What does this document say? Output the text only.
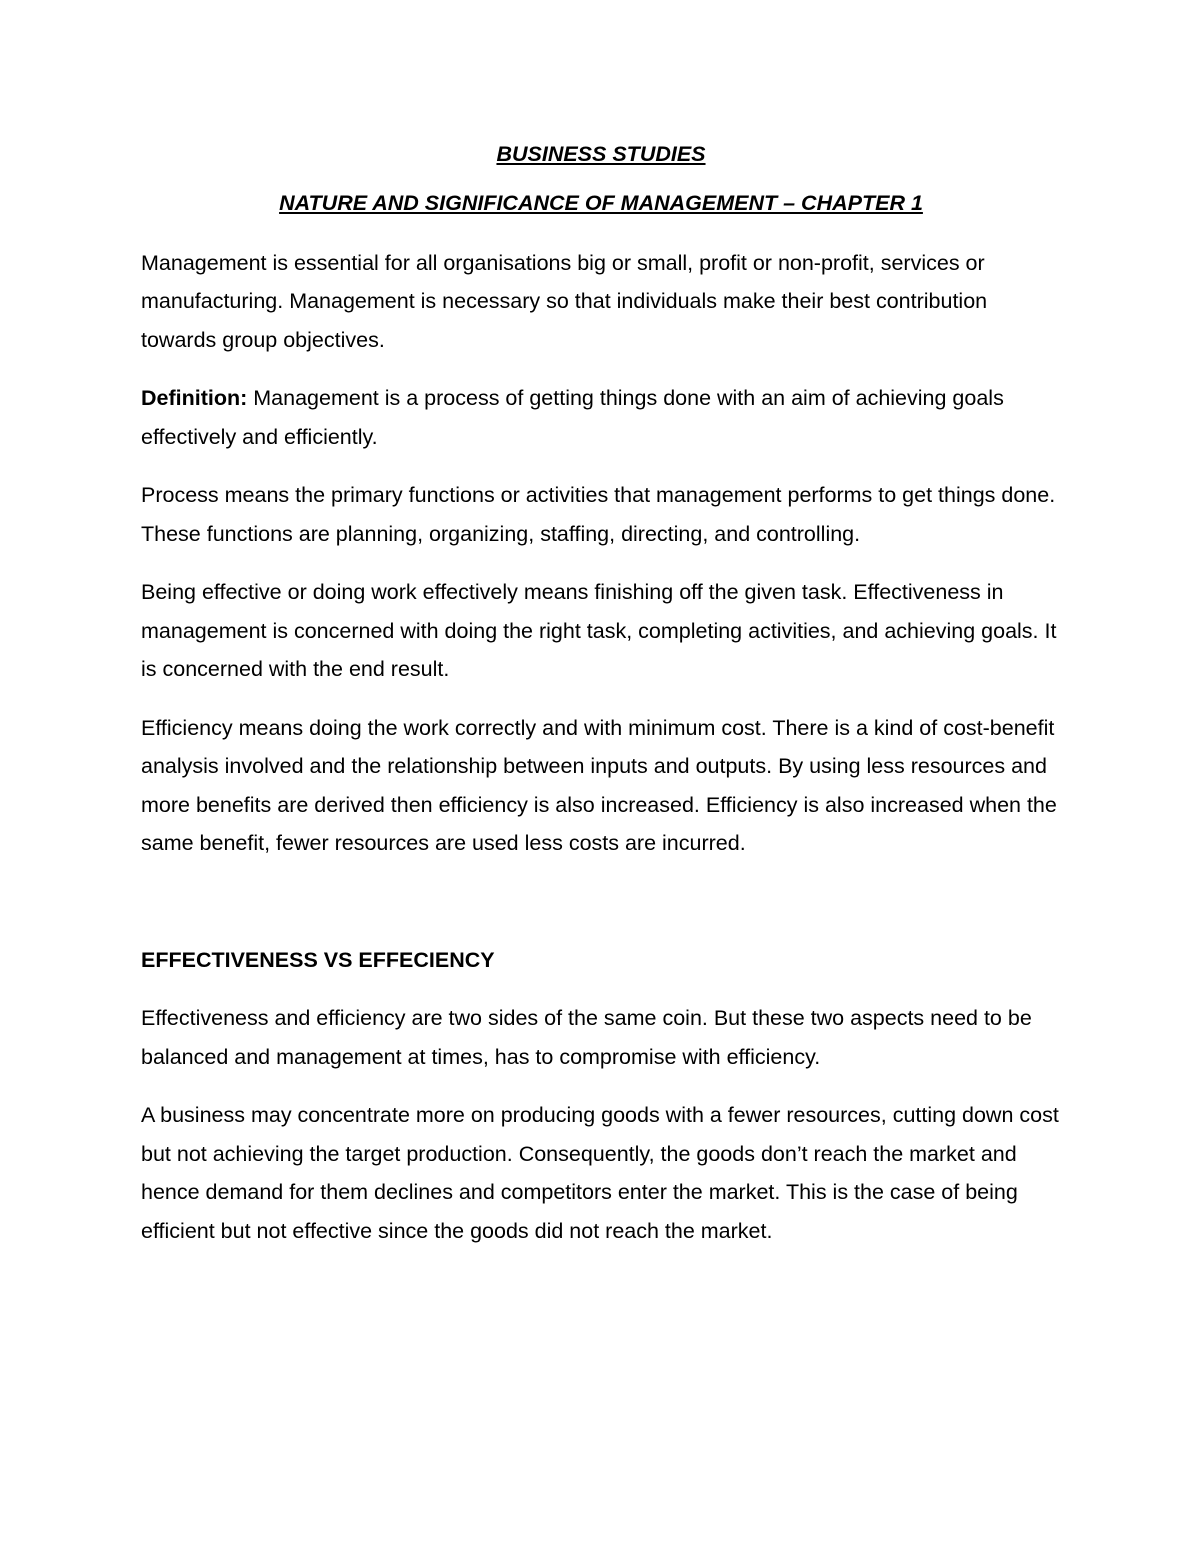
BUSINESS STUDIES
NATURE AND SIGNIFICANCE OF MANAGEMENT – CHAPTER 1

Management is essential for all organisations big or small, profit or non-profit, services or manufacturing. Management is necessary so that individuals make their best contribution towards group objectives.

Definition: Management is a process of getting things done with an aim of achieving goals effectively and efficiently.

Process means the primary functions or activities that management performs to get things done. These functions are planning, organizing, staffing, directing, and controlling.

Being effective or doing work effectively means finishing off the given task. Effectiveness in management is concerned with doing the right task, completing activities, and achieving goals. It is concerned with the end result.

Efficiency means doing the work correctly and with minimum cost. There is a kind of cost-benefit analysis involved and the relationship between inputs and outputs. By using less resources and more benefits are derived then efficiency is also increased. Efficiency is also increased when the same benefit, fewer resources are used less costs are incurred.

EFFECTIVENESS VS EFFECIENCY

Effectiveness and efficiency are two sides of the same coin. But these two aspects need to be balanced and management at times, has to compromise with efficiency.

A business may concentrate more on producing goods with a fewer resources, cutting down cost but not achieving the target production. Consequently, the goods don’t reach the market and hence demand for them declines and competitors enter the market. This is the case of being efficient but not effective since the goods did not reach the market.
